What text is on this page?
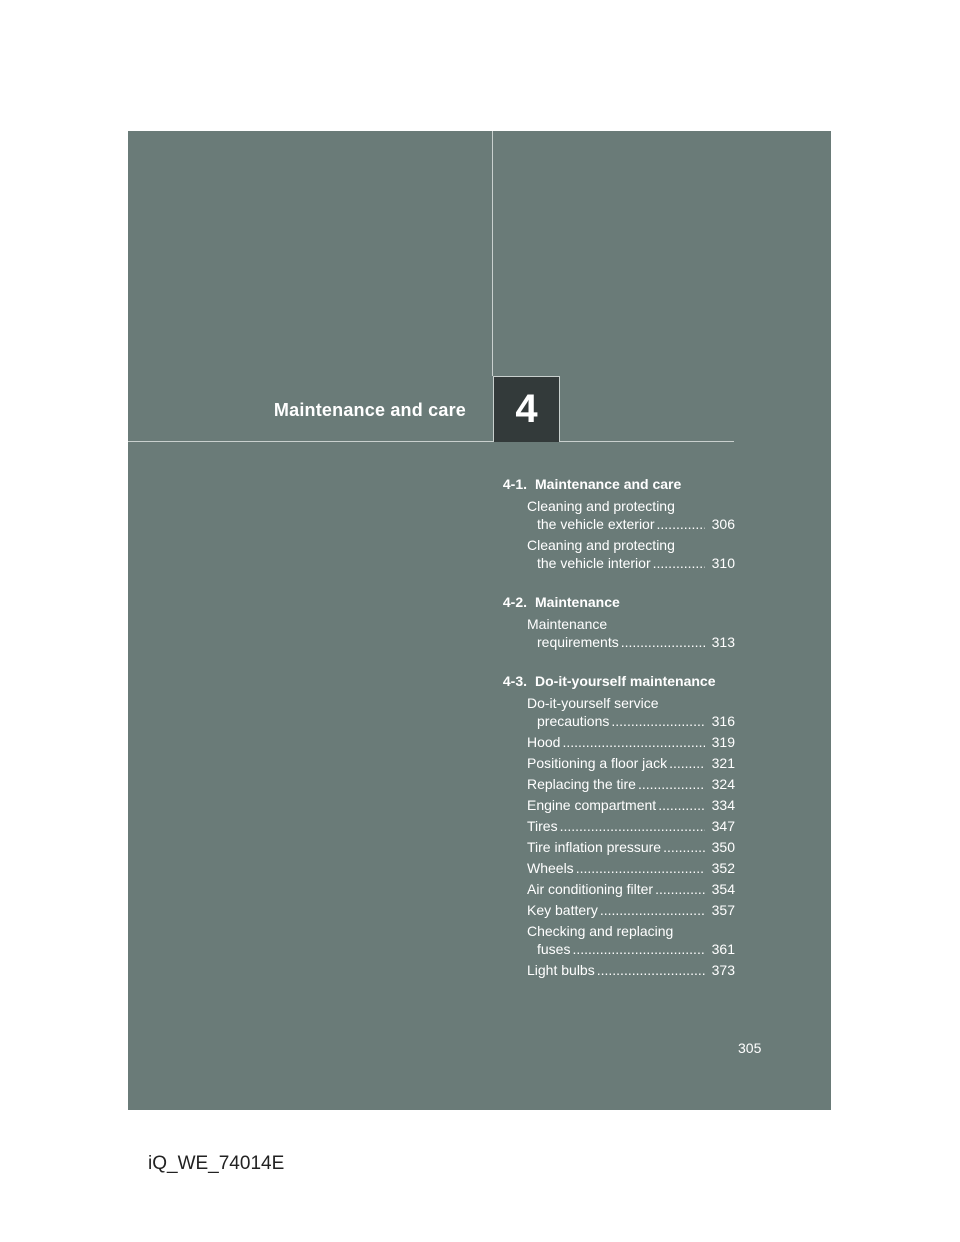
Maintenance and care 4
4-1. Maintenance and care
Cleaning and protecting
the vehicle exterior .....	306
Cleaning and protecting
the vehicle interior .....	310
4-2. Maintenance
Maintenance
requirements .....	313
4-3. Do-it-yourself maintenance
Do-it-yourself service
precautions .....	316
Hood .....	319
Positioning a floor jack .....	321
Replacing the tire .....	324
Engine compartment .....	334
Tires .....	347
Tire inflation pressure .....	350
Wheels .....	352
Air conditioning filter .....	354
Key battery .....	357
Checking and replacing
fuses .....	361
Light bulbs .....	373
305
iQ_WE_74014E
